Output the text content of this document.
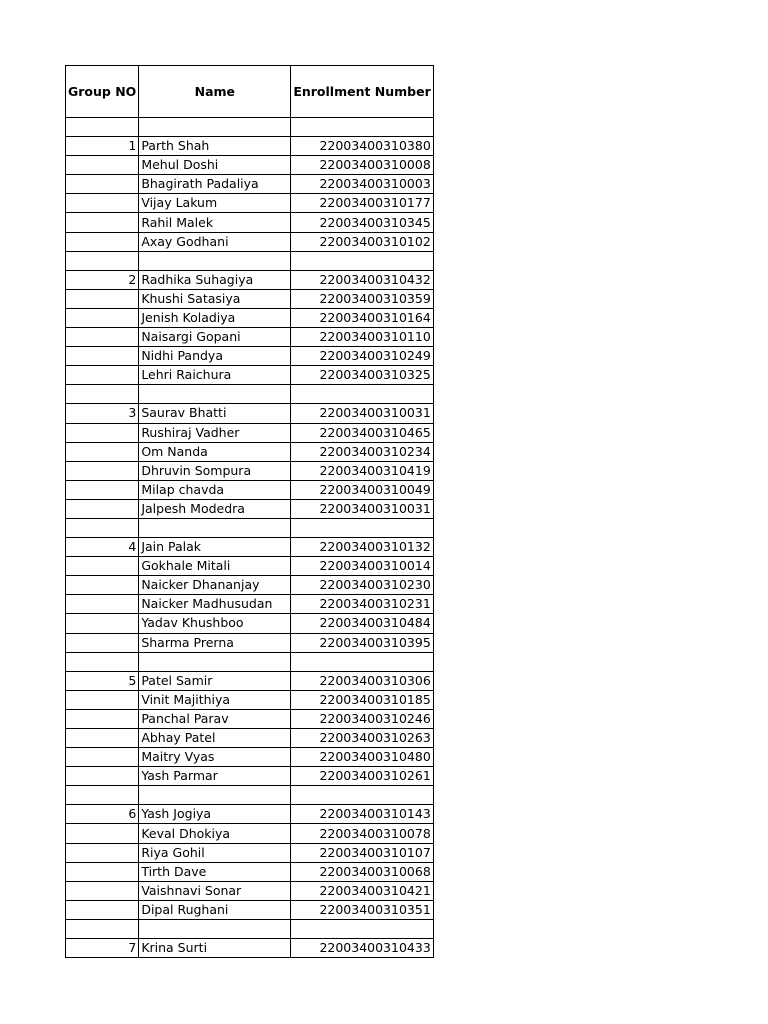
Group NO	Name	Enrollment Number

1	Parth Shah	22003400310380
	Mehul Doshi	22003400310008
	Bhagirath Padaliya	22003400310003
	Vijay Lakum	22003400310177
	Rahil Malek	22003400310345
	Axay Godhani	22003400310102

2	Radhika Suhagiya	22003400310432
	Khushi Satasiya	22003400310359
	Jenish Koladiya	22003400310164
	Naisargi Gopani	22003400310110
	Nidhi Pandya	22003400310249
	Lehri Raichura	22003400310325

3	Saurav Bhatti	22003400310031
	Rushiraj Vadher	22003400310465
	Om Nanda	22003400310234
	Dhruvin Sompura	22003400310419
	Milap chavda	22003400310049
	Jalpesh Modedra	22003400310031

4	Jain Palak	22003400310132
	Gokhale Mitali	22003400310014
	Naicker Dhananjay	22003400310230
	Naicker Madhusudan	22003400310231
	Yadav Khushboo	22003400310484
	Sharma Prerna	22003400310395

5	Patel Samir	22003400310306
	Vinit Majithiya	22003400310185
	Panchal Parav	22003400310246
	Abhay Patel	22003400310263
	Maitry Vyas	22003400310480
	Yash Parmar	22003400310261

6	Yash Jogiya	22003400310143
	Keval Dhokiya	22003400310078
	Riya Gohil	22003400310107
	Tirth Dave	22003400310068
	Vaishnavi Sonar	22003400310421
	Dipal Rughani	22003400310351

7	Krina Surti	22003400310433
